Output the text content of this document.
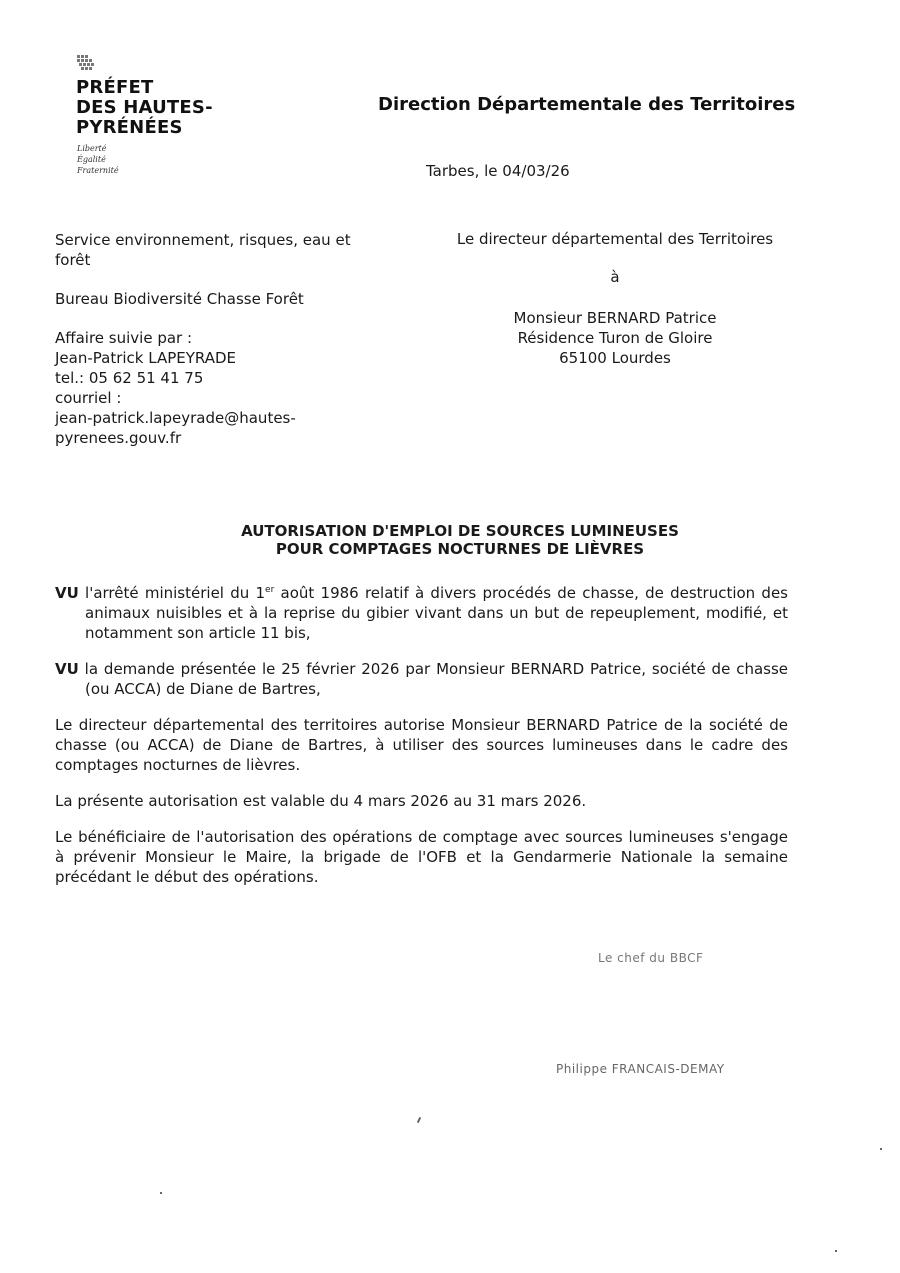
PRÉFET
DES HAUTES-
PYRÉNÉES
Liberté
Égalité
Fraternité
Direction Départementale des Territoires
Tarbes, le 04/03/26
Service environnement, risques, eau et forêt
Bureau Biodiversité Chasse Forêt
Affaire suivie par :
Jean-Patrick LAPEYRADE
tel.: 05 62 51 41 75
courriel :
jean-patrick.lapeyrade@hautes-
pyrenees.gouv.fr
Le directeur départemental des Territoires
à
Monsieur BERNARD Patrice
Résidence Turon de Gloire
65100 Lourdes
AUTORISATION D'EMPLOI DE SOURCES LUMINEUSES
POUR COMPTAGES NOCTURNES DE LIÈVRES

VU l'arrêté ministériel du 1er août 1986 relatif à divers procédés de chasse, de destruction des animaux nuisibles et à la reprise du gibier vivant dans un but de repeuplement, modifié, et notamment son article 11 bis,

VU la demande présentée le 25 février 2026 par Monsieur BERNARD Patrice, société de chasse (ou ACCA) de Diane de Bartres,

Le directeur départemental des territoires autorise Monsieur BERNARD Patrice de la société de chasse (ou ACCA) de Diane de Bartres, à utiliser des sources lumineuses dans le cadre des comptages nocturnes de lièvres.

La présente autorisation est valable du 4 mars 2026 au 31 mars 2026.

Le bénéficiaire de l'autorisation des opérations de comptage avec sources lumineuses s'engage à prévenir Monsieur le Maire, la brigade de l'OFB et la Gendarmerie Nationale la semaine précédant le début des opérations.

Le chef du BBCF
Philippe FRANCAIS-DEMAY
